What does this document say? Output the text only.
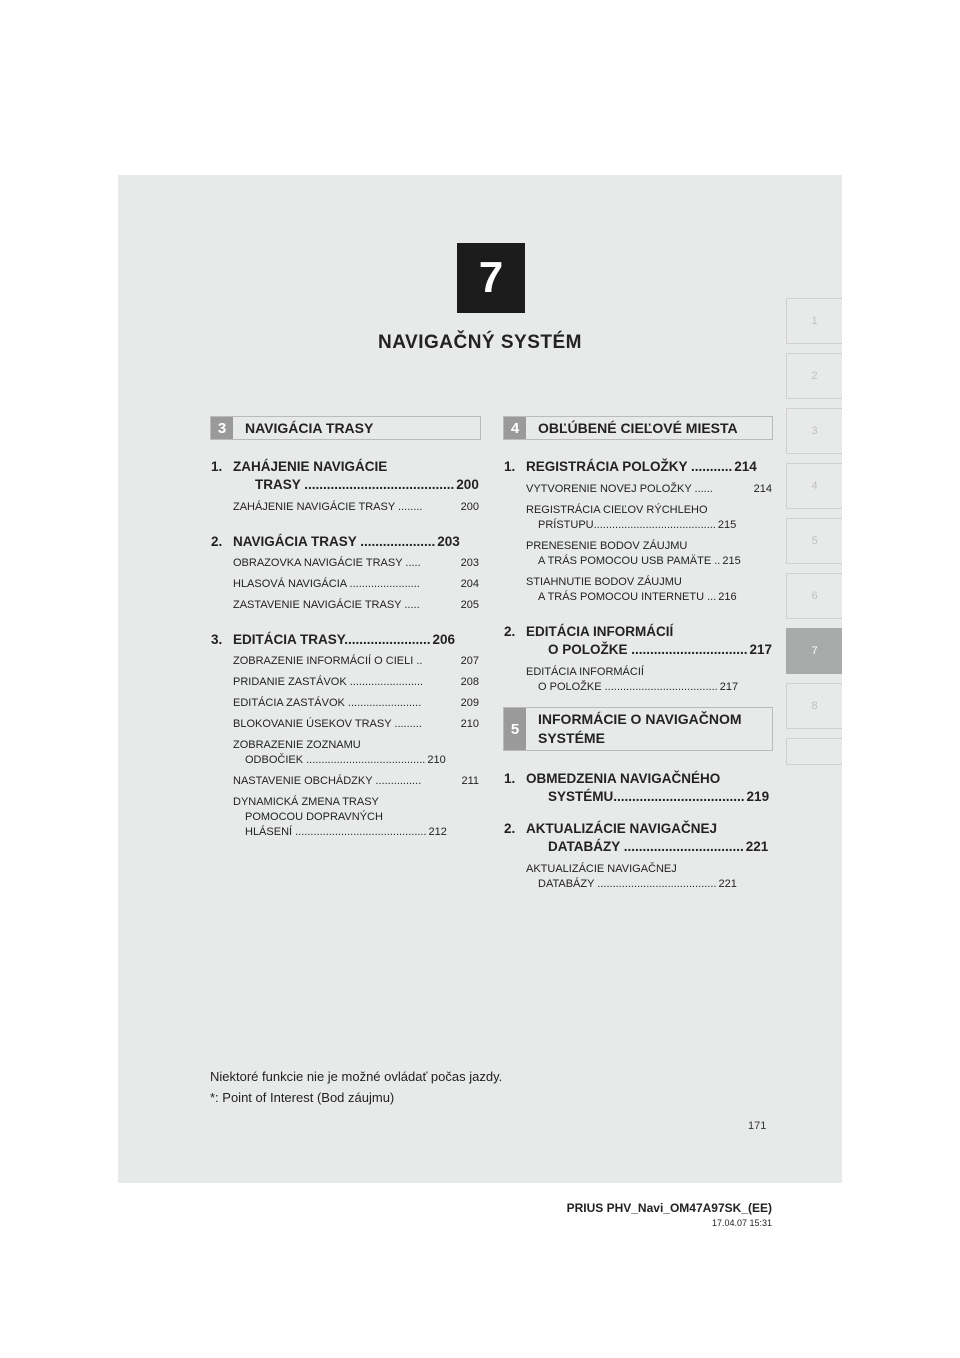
7
NAVIGAČNÝ SYSTÉM
1
2
3
4
5
6
7
8
3	NAVIGÁCIA TRASY	4	OBĽÚBENÉ CIEĽOVÉ MIESTA
5
INFORMÁCIE O NAVIGAČNOM
SYSTÉME
1. ZAHÁJENIE NAVIGÁCIE
TRASY ........................................ 200
ZAHÁJENIE NAVIGÁCIE TRASY ........	200
2. NAVIGÁCIA TRASY .................... 203
OBRAZOVKA NAVIGÁCIE TRASY .....	203
HLASOVÁ NAVIGÁCIA .......................	204
ZASTAVENIE NAVIGÁCIE TRASY .....	205
3. EDITÁCIA TRASY....................... 206
ZOBRAZENIE INFORMÁCIÍ O CIELI ..	207
PRIDANIE ZASTÁVOK ........................	208
EDITÁCIA ZASTÁVOK ........................	209
BLOKOVANIE ÚSEKOV TRASY .........	210
ZOBRAZENIE ZOZNAMU
ODBOČIEK ....................................... 210
NASTAVENIE OBCHÁDZKY ...............	211
DYNAMICKÁ ZMENA TRASY
POMOCOU DOPRAVNÝCH
HLÁSENÍ ........................................... 212
1. REGISTRÁCIA POLOŽKY ........... 214
VYTVORENIE NOVEJ POLOŽKY ......	214
REGISTRÁCIA CIEĽOV RÝCHLEHO
PRÍSTUPU........................................ 215
PRENESENIE BODOV ZÁUJMU
A TRÁS POMOCOU USB PAMÄTE .. 215
STIAHNUTIE BODOV ZÁUJMU
A TRÁS POMOCOU INTERNETU ... 216
2. EDITÁCIA INFORMÁCIÍ
O POLOŽKE ............................... 217
EDITÁCIA INFORMÁCIÍ
O POLOŽKE ..................................... 217
1. OBMEDZENIA NAVIGAČNÉHO
SYSTÉMU................................... 219
2. AKTUALIZÁCIE NAVIGAČNEJ
DATABÁZY ................................ 221
AKTUALIZÁCIE NAVIGAČNEJ
DATABÁZY ....................................... 221
Niektoré funkcie nie je možné ovládať počas jazdy.
*: Point of Interest (Bod záujmu)
171
PRIUS PHV_Navi_OM47A97SK_(EE)
17.04.07 15:31
